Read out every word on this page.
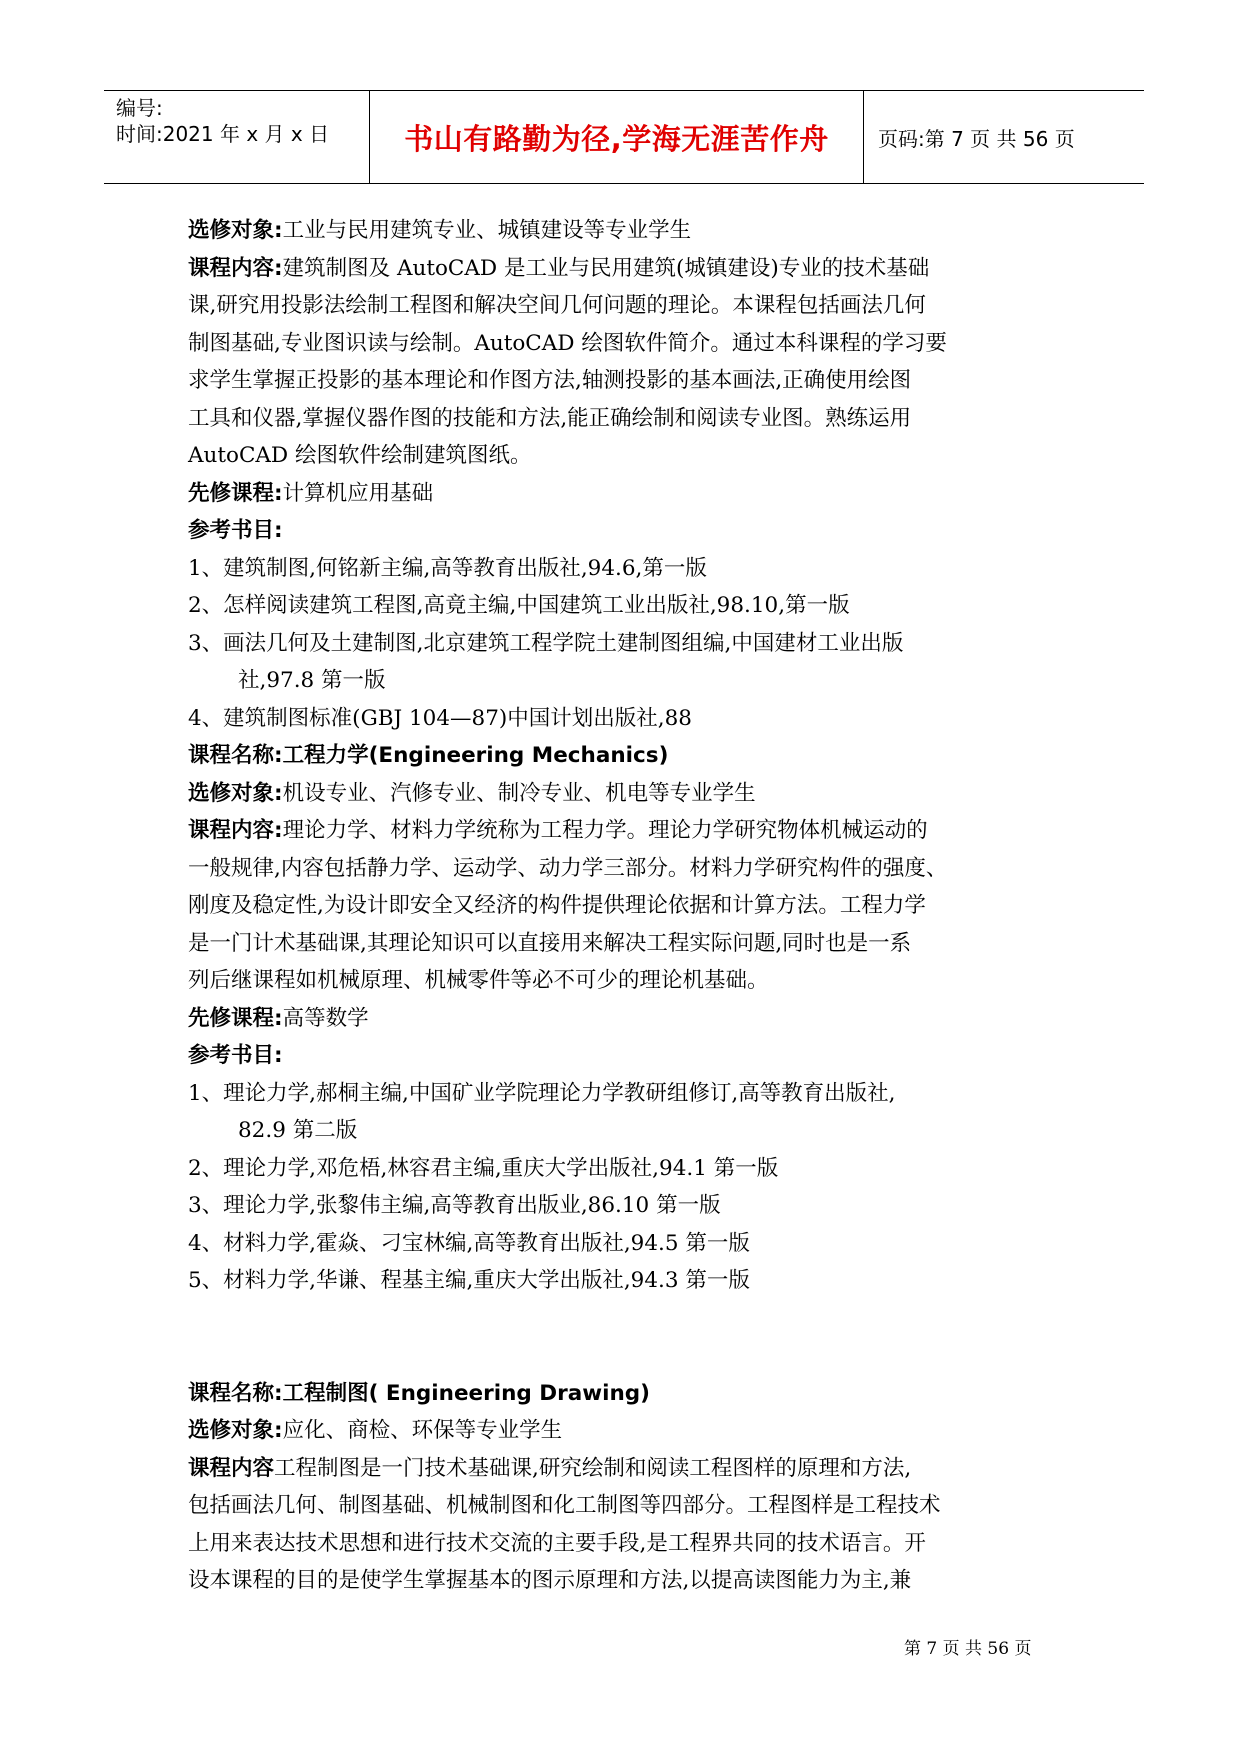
编号:
时间:2021 年 x 月 x 日	书山有路勤为径,学海无涯苦作舟	页码:第 7 页 共 56 页
选修对象:工业与民用建筑专业、城镇建设等专业学生
课程内容:建筑制图及 AutoCAD 是工业与民用建筑(城镇建设)专业的技术基础
课,研究用投影法绘制工程图和解决空间几何问题的理论。本课程包括画法几何
制图基础,专业图识读与绘制。AutoCAD 绘图软件简介。通过本科课程的学习要
求学生掌握正投影的基本理论和作图方法,轴测投影的基本画法,正确使用绘图
工具和仪器,掌握仪器作图的技能和方法,能正确绘制和阅读专业图。熟练运用
AutoCAD 绘图软件绘制建筑图纸。
先修课程:计算机应用基础
参考书目:
1、建筑制图,何铭新主编,高等教育出版社,94.6,第一版
2、怎样阅读建筑工程图,高竟主编,中国建筑工业出版社,98.10,第一版
3、画法几何及土建制图,北京建筑工程学院土建制图组编,中国建材工业出版
社,97.8 第一版
4、建筑制图标准(GBJ 104—87)中国计划出版社,88
课程名称:工程力学(Engineering Mechanics)
选修对象:机设专业、汽修专业、制冷专业、机电等专业学生
课程内容:理论力学、材料力学统称为工程力学。理论力学研究物体机械运动的
一般规律,内容包括静力学、运动学、动力学三部分。材料力学研究构件的强度、
刚度及稳定性,为设计即安全又经济的构件提供理论依据和计算方法。工程力学
是一门计术基础课,其理论知识可以直接用来解决工程实际问题,同时也是一系
列后继课程如机械原理、机械零件等必不可少的理论机基础。
先修课程:高等数学
参考书目:
1、理论力学,郝桐主编,中国矿业学院理论力学教研组修订,高等教育出版社,
82.9 第二版
2、理论力学,邓危梧,林容君主编,重庆大学出版社,94.1 第一版
3、理论力学,张黎伟主编,高等教育出版业,86.10 第一版
4、材料力学,霍焱、刁宝林编,高等教育出版社,94.5 第一版
5、材料力学,华谦、程基主编,重庆大学出版社,94.3 第一版
课程名称:工程制图( Engineering Drawing)
选修对象:应化、商检、环保等专业学生
课程内容工程制图是一门技术基础课,研究绘制和阅读工程图样的原理和方法,
包括画法几何、制图基础、机械制图和化工制图等四部分。工程图样是工程技术
上用来表达技术思想和进行技术交流的主要手段,是工程界共同的技术语言。开
设本课程的目的是使学生掌握基本的图示原理和方法,以提高读图能力为主,兼
第 7 页 共 56 页
